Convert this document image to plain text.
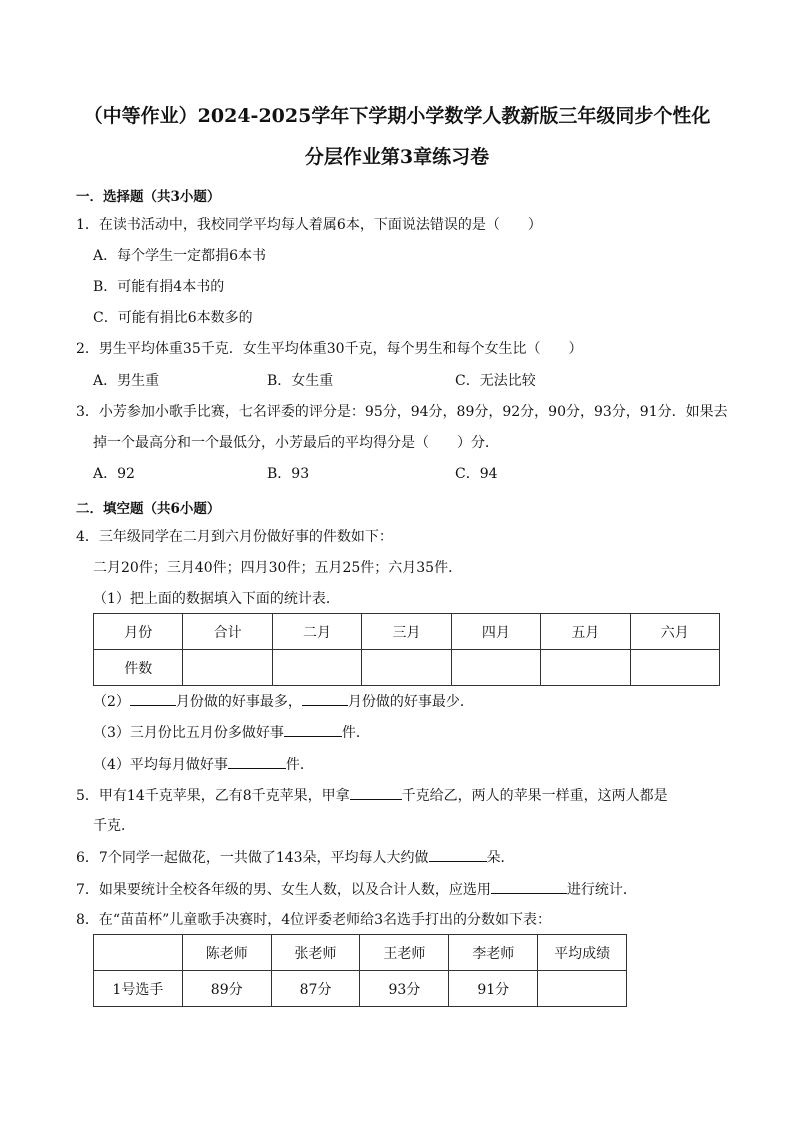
（中等作业）2024-2025学年下学期小学数学人教新版三年级同步个性化
分层作业第3章练习卷
一．选择题（共3小题）
1．在读书活动中，我校同学平均每人着属6本，下面说法错误的是（　　）
A．每个学生一定都捐6本书
B．可能有捐4本书的
C．可能有捐比6本数多的
2．男生平均体重35千克．女生平均体重30千克，每个男生和每个女生比（　　）
A．男生重	B．女生重	C．无法比较
3．小芳参加小歌手比赛，七名评委的评分是：95分，94分，89分，92分，90分，93分，91分．如果去
掉一个最高分和一个最低分，小芳最后的平均得分是（　　）分．
A．92	B．93	C．94
二．填空题（共6小题）
4．三年级同学在二月到六月份做好事的件数如下：
二月20件；三月40件；四月30件；五月25件；六月35件．
（1）把上面的数据填入下面的统计表．
月份	合计	二月	三月	四月	五月	六月
件数						
（2）	月份做的好事最多，	月份做的好事最少．
（3）三月份比五月份多做好事	件．
（4）平均每月做好事	件．
5．甲有14千克苹果，乙有8千克苹果，甲拿	千克给乙，两人的苹果一样重，这两人都是
千克．
6．7个同学一起做花，一共做了143朵，平均每人大约做	朵．
7．如果要统计全校各年级的男、女生人数，以及合计人数，应选用	进行统计．
8．在“苗苗杯”儿童歌手决赛时，4位评委老师给3名选手打出的分数如下表：
	陈老师	张老师	王老师	李老师	平均成绩
1号选手	89分	87分	93分	91分	
